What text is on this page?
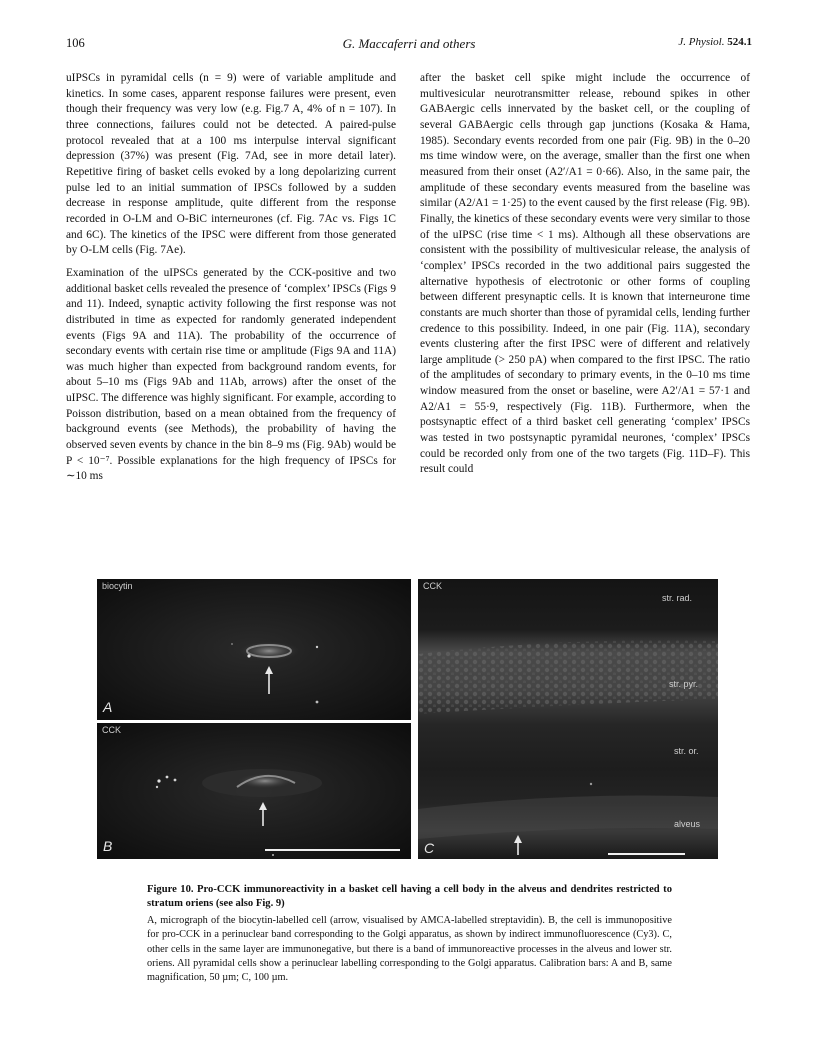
106	G. Maccaferri and others	J. Physiol. 524.1

uIPSCs in pyramidal cells (n = 9) were of variable amplitude and kinetics. In some cases, apparent response failures were present, even though their frequency was very low (e.g. Fig.7 A, 4% of n = 107). In three connections, failures could not be detected. A paired-pulse protocol revealed that at a 100 ms interpulse interval significant depression (37%) was present (Fig. 7Ad, see in more detail later). Repetitive firing of basket cells evoked by a long depolarizing current pulse led to an initial summation of IPSCs followed by a sudden decrease in response amplitude, quite different from the response recorded in O-LM and O-BiC interneurones (cf. Fig. 7Ac vs. Figs 1C and 6C). The kinetics of the IPSC were different from those generated by O-LM cells (Fig. 7Ae).

Examination of the uIPSCs generated by the CCK-positive and two additional basket cells revealed the presence of ‘complex’ IPSCs (Figs 9 and 11). Indeed, synaptic activity following the first response was not distributed in time as expected for randomly generated independent events (Figs 9A and 11A). The probability of the occurrence of secondary events with certain rise time or amplitude (Figs 9A and 11A) was much higher than expected from background random events, for about 5–10 ms (Figs 9Ab and 11Ab, arrows) after the onset of the uIPSC. The difference was highly significant. For example, according to Poisson distribution, based on a mean obtained from the frequency of background events (see Methods), the probability of having the observed seven events by chance in the bin 8–9 ms (Fig. 9Ab) would be P < 10⁻⁷. Possible explanations for the high frequency of IPSCs for ∼10 ms

after the basket cell spike might include the occurrence of multivesicular neurotransmitter release, rebound spikes in other GABAergic cells innervated by the basket cell, or the coupling of several GABAergic cells through gap junctions (Kosaka & Hama, 1985). Secondary events recorded from one pair (Fig. 9B) in the 0–20 ms time window were, on the average, smaller than the first one when measured from their onset (A2′/A1 = 0·66). Also, in the same pair, the amplitude of these secondary events measured from the baseline was similar (A2/A1 = 1·25) to the event caused by the first release (Fig. 9B). Finally, the kinetics of these secondary events were very similar to those of the uIPSC (rise time < 1 ms). Although all these observations are consistent with the possibility of multivesicular release, the analysis of ‘complex’ IPSCs recorded in the two additional pairs suggested the alternative hypothesis of electrotonic or other forms of coupling between different presynaptic cells. It is known that interneurone time constants are much shorter than those of pyramidal cells, lending further credence to this possibility. Indeed, in one pair (Fig. 11A), secondary events clustering after the first IPSC were of different and relatively large amplitude (> 250 pA) when compared to the first IPSC. The ratio of the amplitudes of secondary to primary events, in the 0–10 ms time window measured from the onset or baseline, were A2′/A1 = 57·1 and A2/A1 = 55·9, respectively (Fig. 11B). Furthermore, when the postsynaptic effect of a third basket cell generating ‘complex’ IPSCs was tested in two postsynaptic pyramidal neurones, ‘complex’ IPSCs could be recorded only from one of the two targets (Fig. 11D–F). This result could

biocytin
A
CCK
B
CCK
str. rad.
str. pyr.
str. or.
alveus
C

Figure 10. Pro-CCK immunoreactivity in a basket cell having a cell body in the alveus and dendrites restricted to stratum oriens (see also Fig. 9)

A, micrograph of the biocytin-labelled cell (arrow, visualised by AMCA-labelled streptavidin). B, the cell is immunopositive for pro-CCK in a perinuclear band corresponding to the Golgi apparatus, as shown by indirect immunofluorescence (Cy3). C, other cells in the same layer are immunonegative, but there is a band of immunoreactive processes in the alveus and lower str. oriens. All pyramidal cells show a perinuclear labelling corresponding to the Golgi apparatus. Calibration bars: A and B, same magnification, 50 µm; C, 100 µm.
